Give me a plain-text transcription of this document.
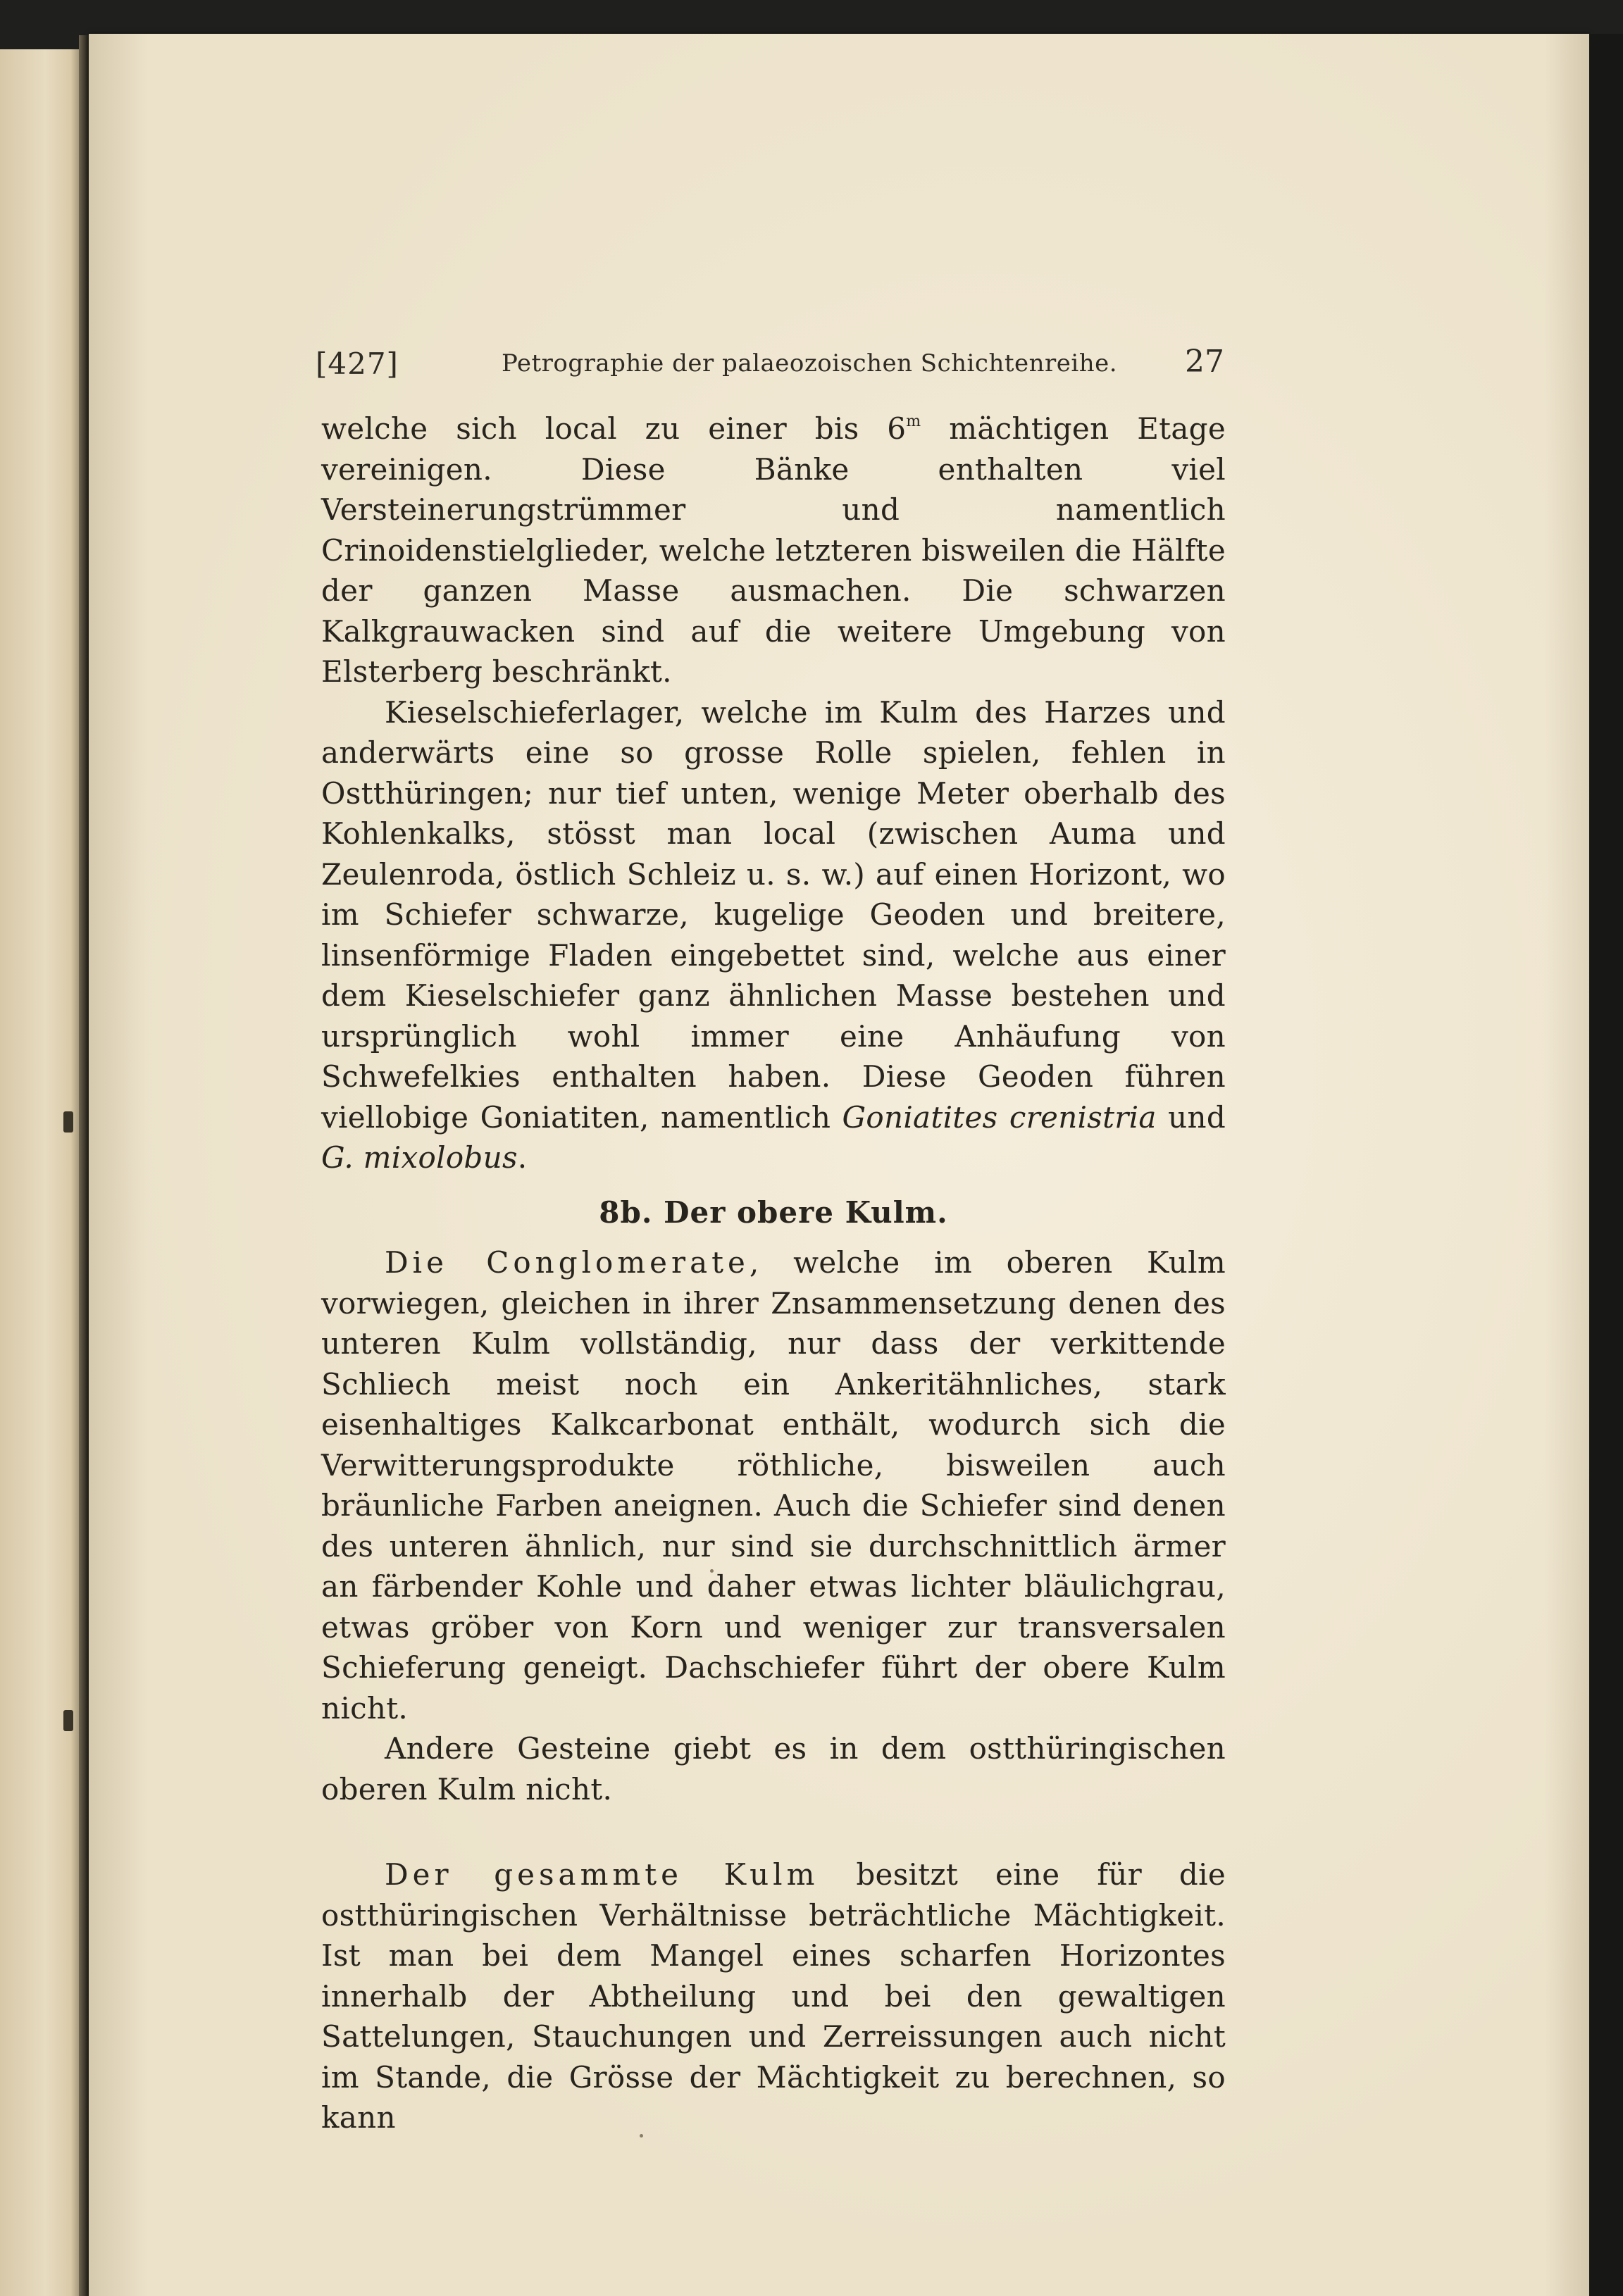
[427]	Petrographie der palaeozoischen Schichtenreihe. 27

welche sich local zu einer bis 6$^m$ mächtigen Etage vereinigen. Diese Bänke enthalten viel Versteinerungstrümmer und namentlich Crinoidenstielglieder, welche letzteren bisweilen die Hälfte der ganzen Masse ausmachen. Die schwarzen Kalkgrauwacken sind auf die weitere Umgebung von Elsterberg beschränkt.

Kieselschieferlager, welche im Kulm des Harzes und anderwärts eine so grosse Rolle spielen, fehlen in Ostthüringen; nur tief unten, wenige Meter oberhalb des Kohlenkalks, stösst man local (zwischen Auma und Zeulenroda, östlich Schleiz u. s. w.) auf einen Horizont, wo im Schiefer schwarze, kugelige Geoden und breitere, linsenförmige Fladen eingebettet sind, welche aus einer dem Kieselschiefer ganz ähnlichen Masse bestehen und ursprünglich wohl immer eine Anhäufung von Schwefelkies enthalten haben. Diese Geoden führen viellobige Goniatiten, namentlich Goniatites crenistria und G. mixolobus.

8b. Der obere Kulm.

Die Conglomerate, welche im oberen Kulm vorwiegen, gleichen in ihrer Znsammensetzung denen des unteren Kulm vollständig, nur dass der verkittende Schliech meist noch ein Ankeritähnliches, stark eisenhaltiges Kalkcarbonat enthält, wodurch sich die Verwitterungsprodukte röthliche, bisweilen auch bräunliche Farben aneignen. Auch die Schiefer sind denen des unteren ähnlich, nur sind sie durchschnittlich ärmer an färbender Kohle und daher etwas lichter bläulichgrau, etwas gröber von Korn und weniger zur transversalen Schieferung geneigt. Dachschiefer führt der obere Kulm nicht.

Andere Gesteine giebt es in dem ostthüringischen oberen Kulm nicht.

Der gesammte Kulm besitzt eine für die ostthüringischen Verhältnisse beträchtliche Mächtigkeit. Ist man bei dem Mangel eines scharfen Horizontes innerhalb der Abtheilung und bei den gewaltigen Sattelungen, Stauchungen und Zerreissungen auch nicht im Stande, die Grösse der Mächtigkeit zu berechnen, so kann
